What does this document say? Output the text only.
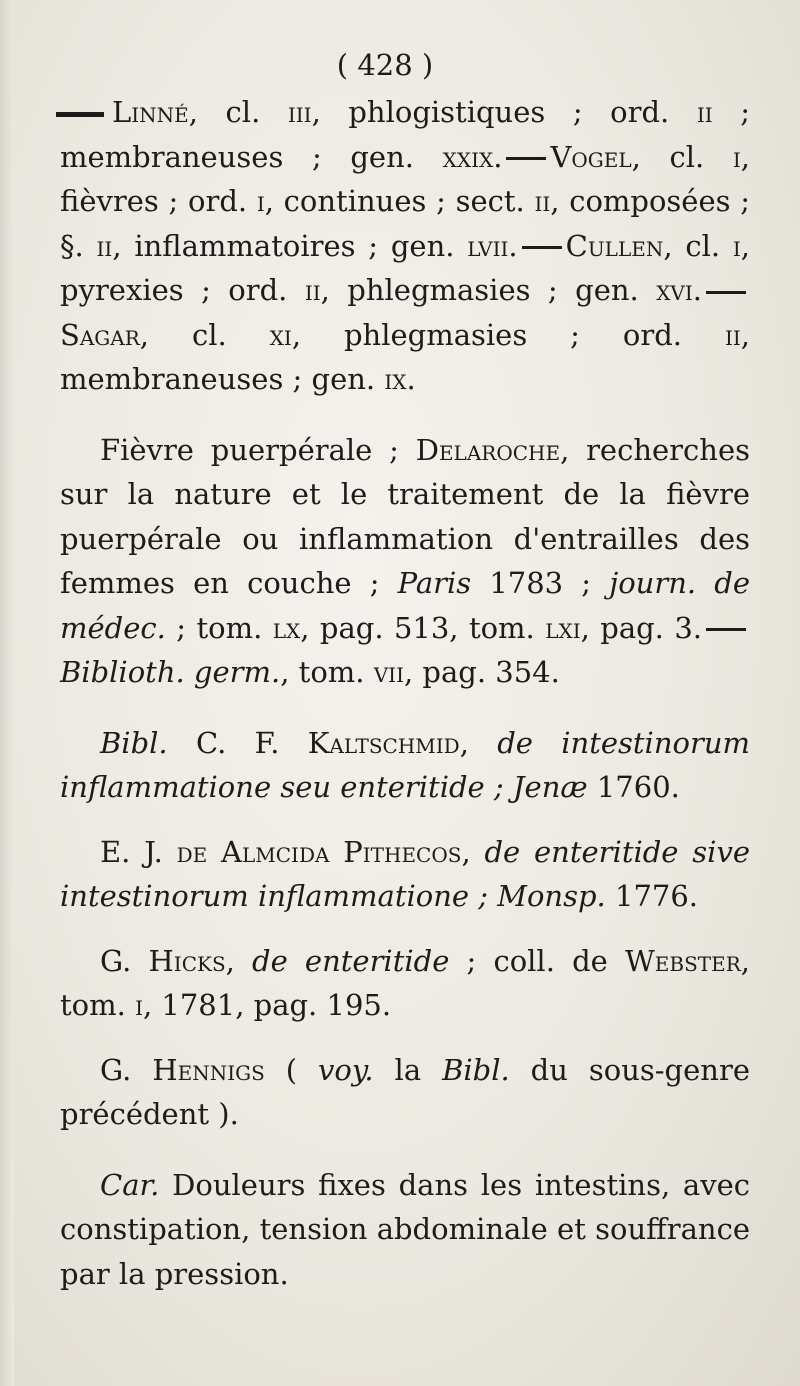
( 428 )

Linné, cl. iii, phlogistiques ; ord. ii ; membraneuses ; gen. xxix. Vogel, cl. i, fièvres ; ord. i, continues ; sect. ii, composées ; §. ii, inflammatoires ; gen. lvii. Cullen, cl. i, pyrexies ; ord. ii, phlegmasies ; gen. xvi.Sagar, cl. xi, phlegmasies ; ord. ii, membraneuses ; gen. ix.

Fièvre puerpérale ; Delaroche, recherches sur la nature et le traitement de la fièvre puerpérale ou inflammation d'entrailles des femmes en couche ; Paris 1783 ; journ. de médec. ; tom. lx, pag. 513, tom. lxi, pag. 3.Biblioth. germ., tom. vii, pag. 354.

Bibl. C. F. Kaltschmid, de intestinorum inflammatione seu enteritide ; Jenæ 1760.

E. J. de Almcida Pithecos, de enteritide sive intestinorum inflammatione ; Monsp. 1776.

G. Hicks, de enteritide ; coll. de Webster, tom. i, 1781, pag. 195.

G. Hennigs ( voy. la Bibl. du sous-genre précédent ).

Car. Douleurs fixes dans les intestins, avec constipation, tension abdominale et souffrance par la pression.
